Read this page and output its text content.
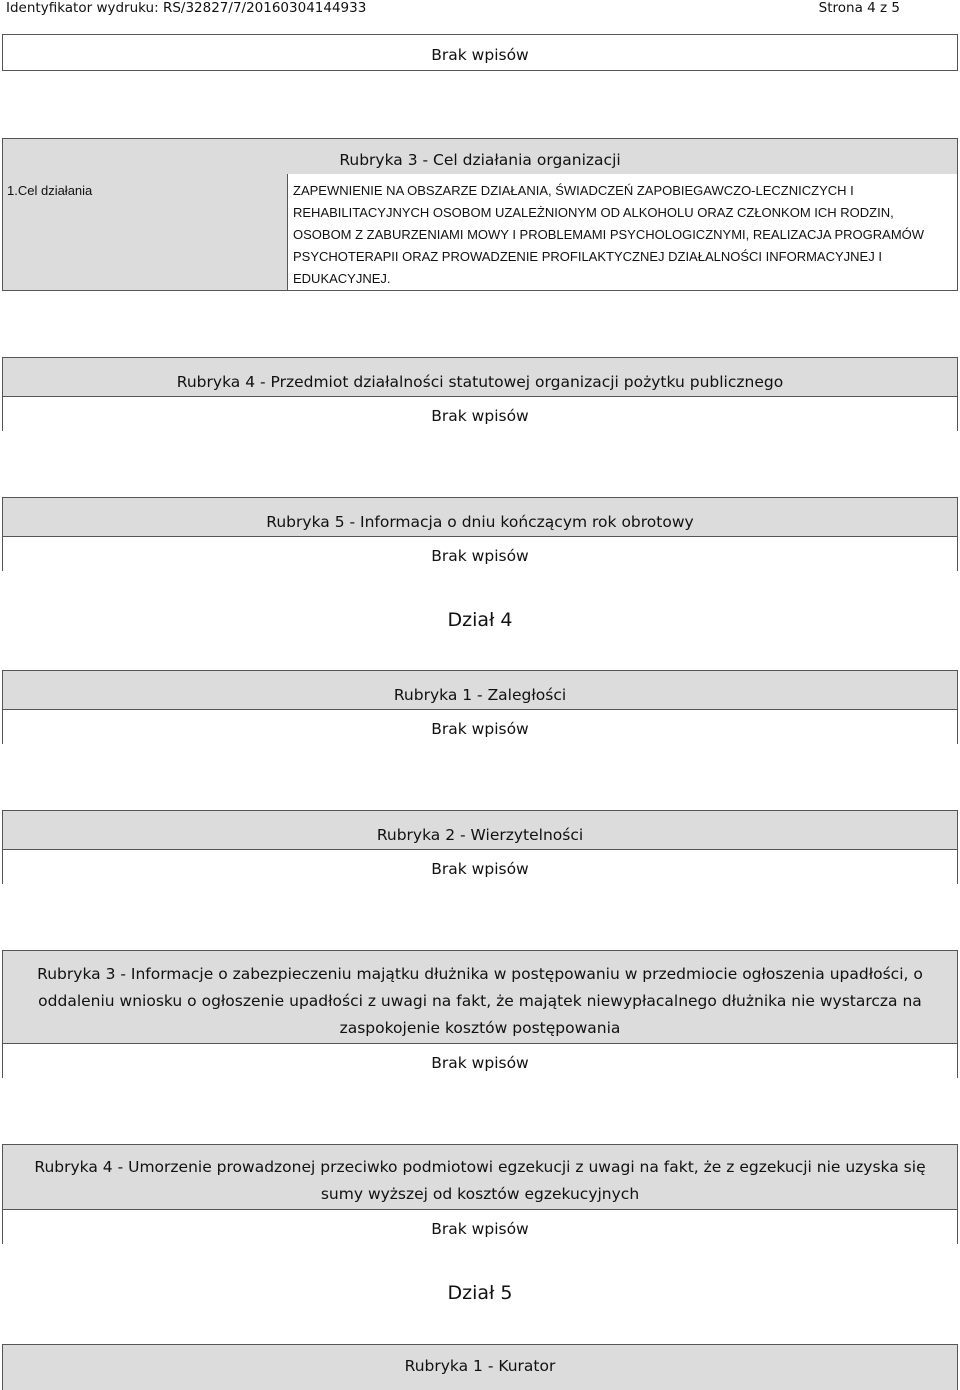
Identyfikator wydruku: RS/32827/7/20160304144933	Strona 4 z 5
Brak wpisów
Rubryka 3 - Cel działania organizacji
1.Cel działania	ZAPEWNIENIE NA OBSZARZE DZIAŁANIA, ŚWIADCZEŃ ZAPOBIEGAWCZO-LECZNICZYCH I REHABILITACYJNYCH OSOBOM UZALEŻNIONYM OD ALKOHOLU ORAZ CZŁONKOM ICH RODZIN, OSOBOM Z ZABURZENIAMI MOWY I PROBLEMAMI PSYCHOLOGICZNYMI, REALIZACJA PROGRAMÓW PSYCHOTERAPII ORAZ PROWADZENIE PROFILAKTYCZNEJ DZIAŁALNOŚCI INFORMACYJNEJ I EDUKACYJNEJ.
Rubryka 4 - Przedmiot działalności statutowej organizacji pożytku publicznego
Brak wpisów
Rubryka 5 - Informacja o dniu kończącym rok obrotowy
Brak wpisów
Dział 4
Rubryka 1 - Zaległości
Brak wpisów
Rubryka 2 - Wierzytelności
Brak wpisów
Rubryka 3 - Informacje o zabezpieczeniu majątku dłużnika w postępowaniu w przedmiocie ogłoszenia upadłości, o oddaleniu wniosku o ogłoszenie upadłości z uwagi na fakt, że majątek niewypłacalnego dłużnika nie wystarcza na zaspokojenie kosztów postępowania
Brak wpisów
Rubryka 4 - Umorzenie prowadzonej przeciwko podmiotowi egzekucji z uwagi na fakt, że z egzekucji nie uzyska się sumy wyższej od kosztów egzekucyjnych
Brak wpisów
Dział 5
Rubryka 1 - Kurator
